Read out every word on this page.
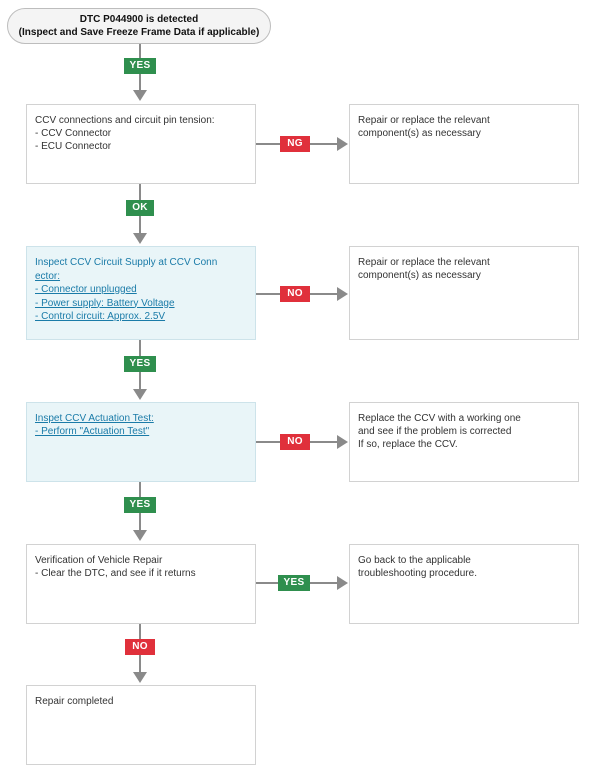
DTC P044900 is detected
(Inspect and Save Freeze Frame Data if applicable)
YES
CCV connections and circuit pin tension:
- CCV Connector
- ECU Connector	NG
Repair or replace the relevant
component(s) as necessary
OK
Inspect CCV Circuit Supply at CCV Conn
ector:
- Connector unplugged
- Power supply: Battery Voltage
- Control circuit: Approx. 2.5V
NO
Repair or replace the relevant
component(s) as necessary
YES
Inspet CCV Actuation Test:
- Perform "Actuation Test"
NO
Replace the CCV with a working one
and see if the problem is corrected
If so, replace the CCV.
YES
Verification of Vehicle Repair
- Clear the DTC, and see if it returns
YES
Go back to the applicable
troubleshooting procedure.
NO
Repair completed
